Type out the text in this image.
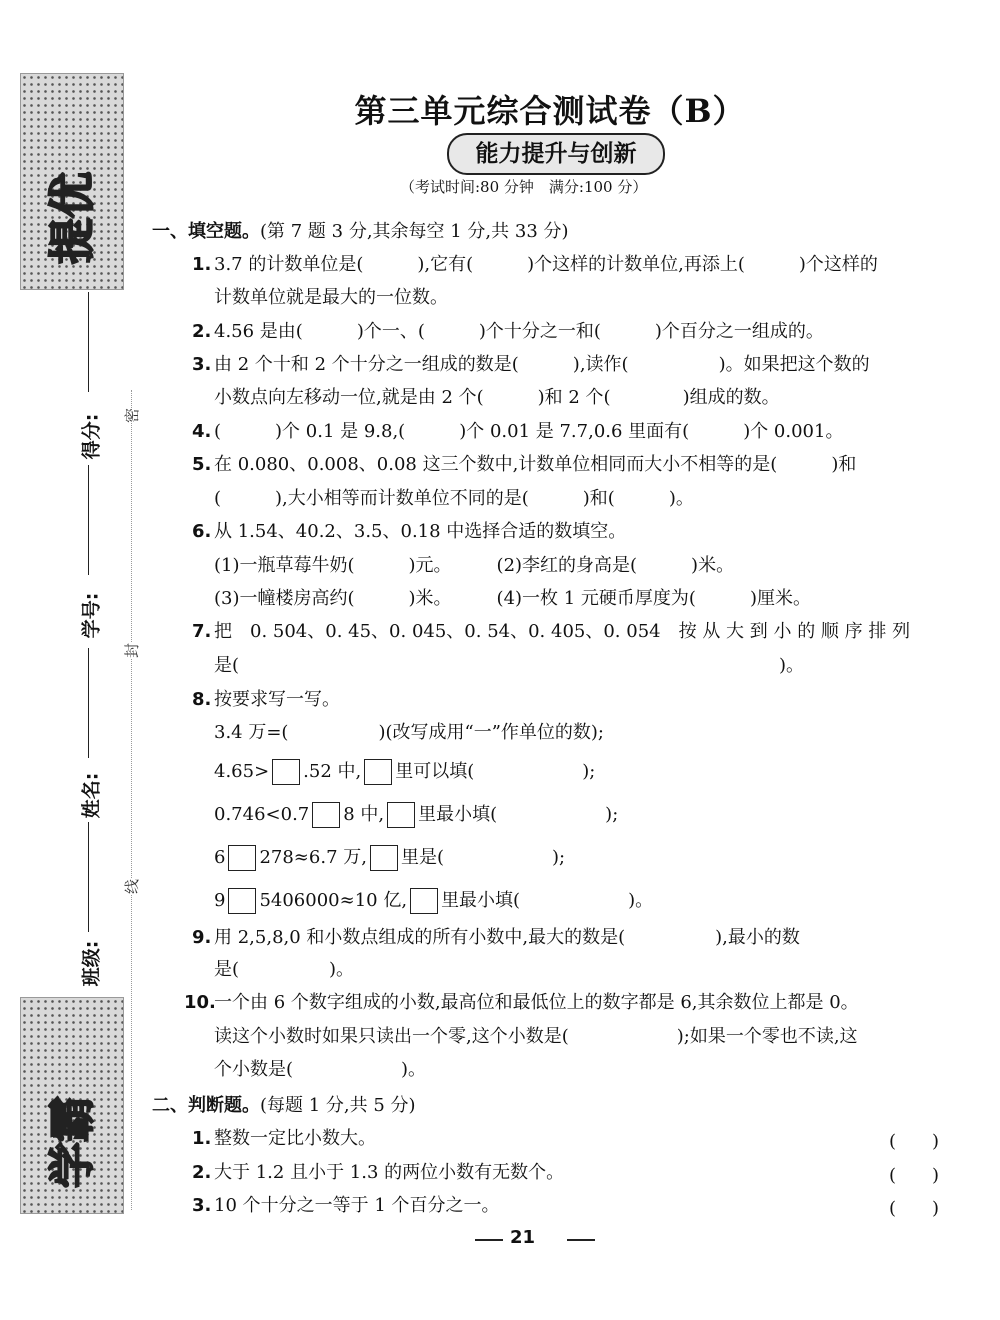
提优
学霸
得分:
学号:
姓名:
班级:
密
封
线
第三单元综合测试卷（B）
能力提升与创新
（考试时间:80 分钟　满分:100 分）
一、填空题。(第 7 题 3 分,其余每空 1 分,共 33 分)
1. 3.7 的计数单位是(　　　),它有(　　　)个这样的计数单位,再添上(　　　)个这样的
计数单位就是最大的一位数。
2. 4.56 是由(　　　)个一、(　　　)个十分之一和(　　　)个百分之一组成的。
3. 由 2 个十和 2 个十分之一组成的数是(　　　),读作(　　　　　)。如果把这个数的
小数点向左移动一位,就是由 2 个(　　　)和 2 个(　　　　)组成的数。
4. (　　　)个 0.1 是 9.8,(　　　)个 0.01 是 7.7,0.6 里面有(　　　)个 0.001。
5. 在 0.080、0.008、0.08 这三个数中,计数单位相同而大小不相等的是(　　　)和
(　　　),大小相等而计数单位不同的是(　　　)和(　　　)。
6. 从 1.54、40.2、3.5、0.18 中选择合适的数填空。
(1)一瓶草莓牛奶(　　　)元。　　　(2)李红的身高是(　　　)米。
(3)一幢楼房高约(　　　)米。　　　(4)一枚 1 元硬币厚度为(　　　)厘米。
7. 把　0. 504、0. 45、0. 045、0. 54、0. 405、0. 054　按 从 大 到 小 的 顺 序 排 列
是(　　　　　　　　　　　　　　　　　　　　　　　　　　　　　　)。
8. 按要求写一写。
3.4 万=(　　　　　)(改写成用“一”作单位的数);
4.65> .52 中, 里可以填(　　　　　　);
0.746<0.7 8 中, 里最小填(　　　　　　);
6 278≈6.7 万, 里是(　　　　　　);
9 5406000≈10 亿, 里最小填(　　　　　　)。
9. 用 2,5,8,0 和小数点组成的所有小数中,最大的数是(　　　　　),最小的数
是(　　　　　)。
10.一个由 6 个数字组成的小数,最高位和最低位上的数字都是 6,其余数位上都是 0。
读这个小数时如果只读出一个零,这个小数是(　　　　　　);如果一个零也不读,这
个小数是(　　　　　　)。
二、判断题。(每题 1 分,共 5 分)
1. 整数一定比小数大。	(　　)
2. 大于 1.2 且小于 1.3 的两位小数有无数个。	(　　)
3. 10 个十分之一等于 1 个百分之一。	(　　)
21
